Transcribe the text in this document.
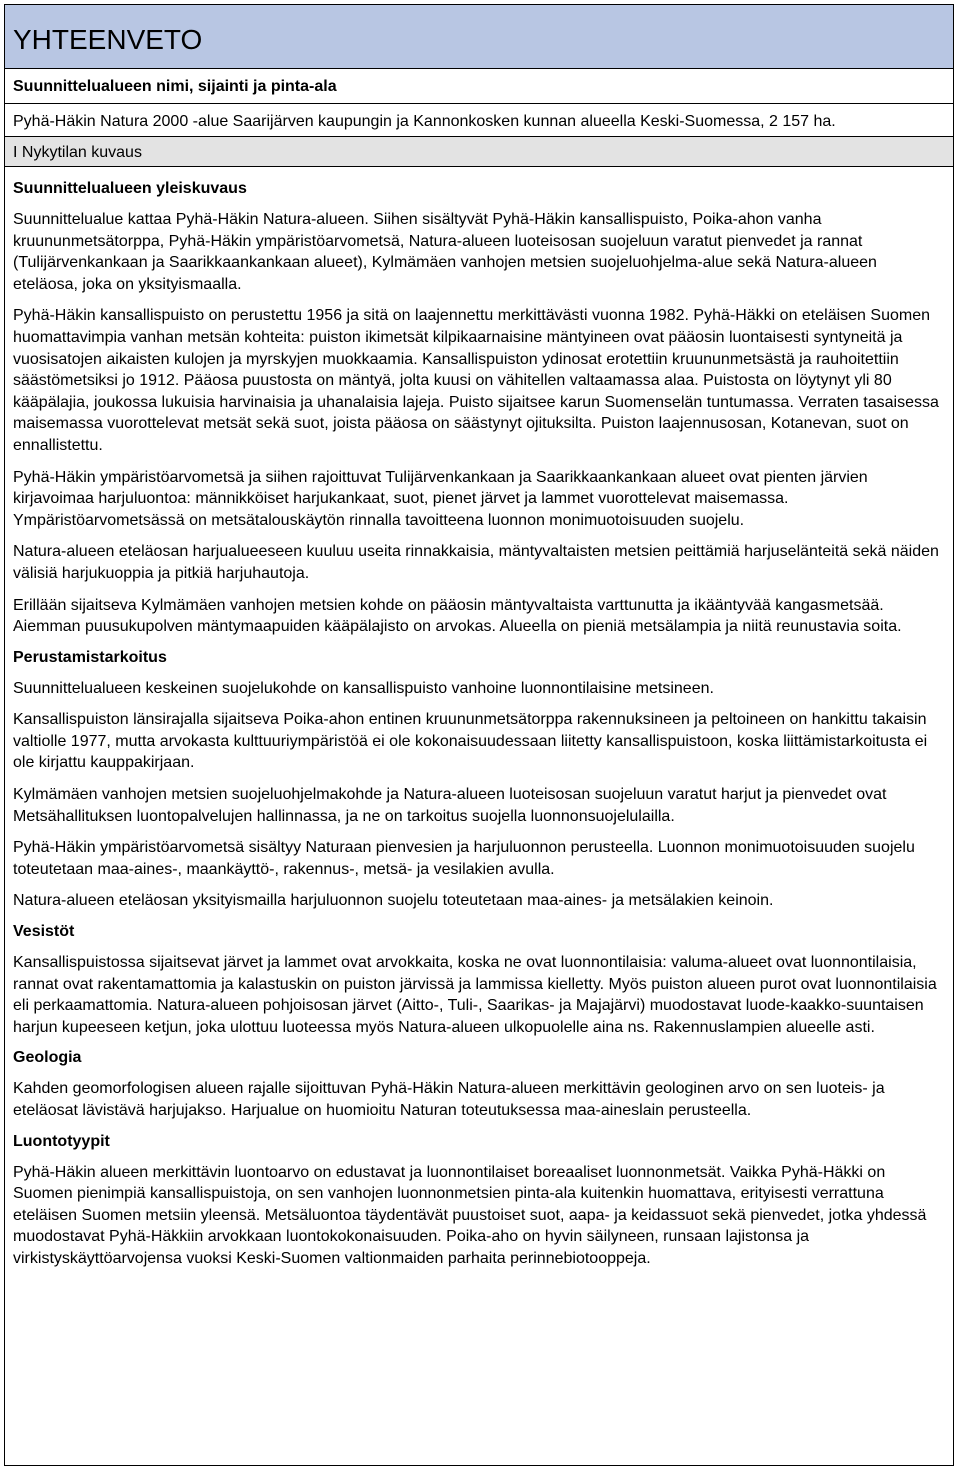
YHTEENVETO
Suunnittelualueen nimi, sijainti ja pinta-ala
Pyhä-Häkin Natura 2000 -alue Saarijärven kaupungin ja Kannonkosken kunnan alueella Keski-Suomessa, 2 157 ha.
I Nykytilan kuvaus
Suunnittelualueen yleiskuvaus

Suunnittelualue kattaa Pyhä-Häkin Natura-alueen. Siihen sisältyvät Pyhä-Häkin kansallispuisto, Poika-ahon vanha kruununmetsätorppa, Pyhä-Häkin ympäristöarvometsä, Natura-alueen luoteisosan suojeluun varatut pienvedet ja rannat (Tulijärvenkankaan ja Saarikkaankankaan alueet), Kylmämäen vanhojen metsien suojeluohjelma-alue sekä Natura-alueen eteläosa, joka on yksityismaalla.

Pyhä-Häkin kansallispuisto on perustettu 1956 ja sitä on laajennettu merkittävästi vuonna 1982. Pyhä-Häkki on eteläisen Suomen huomattavimpia vanhan metsän kohteita: puiston ikimetsät kilpikaarnaisine mäntyineen ovat pääosin luontaisesti syntyneitä ja vuosisatojen aikaisten kulojen ja myrskyjen muokkaamia. Kansallispuiston ydinosat erotettiin kruununmetsästä ja rauhoitettiin säästömetsiksi jo 1912. Pääosa puustosta on mäntyä, jolta kuusi on vähitellen valtaamassa alaa. Puistosta on löytynyt yli 80 kääpälajia, joukossa lukuisia harvinaisia ja uhanalaisia lajeja. Puisto sijaitsee karun Suomenselän tuntumassa. Verraten tasaisessa maisemassa vuorottelevat metsät sekä suot, joista pääosa on säästynyt ojituksilta. Puiston laajennusosan, Kotanevan, suot on ennallistettu.

Pyhä-Häkin ympäristöarvometsä ja siihen rajoittuvat Tulijärvenkankaan ja Saarikkaankankaan alueet ovat pienten järvien kirjavoimaa harjuluontoa: männikköiset harjukankaat, suot, pienet järvet ja lammet vuorottelevat maisemassa. Ympäristöarvometsässä on metsätalouskäytön rinnalla tavoitteena luonnon monimuotoisuuden suojelu.

Natura-alueen eteläosan harjualueeseen kuuluu useita rinnakkaisia, mäntyvaltaisten metsien peittämiä harjuselänteitä sekä näiden välisiä harjukuoppia ja pitkiä harjuhautoja.

Erillään sijaitseva Kylmämäen vanhojen metsien kohde on pääosin mäntyvaltaista varttunutta ja ikääntyvää kangasmetsää. Aiemman puusukupolven mäntymaapuiden kääpälajisto on arvokas. Alueella on pieniä metsälampia ja niitä reunustavia soita.

Perustamistarkoitus

Suunnittelualueen keskeinen suojelukohde on kansallispuisto vanhoine luonnontilaisine metsineen.

Kansallispuiston länsirajalla sijaitseva Poika-ahon entinen kruununmetsätorppa rakennuksineen ja peltoineen on hankittu takaisin valtiolle 1977, mutta arvokasta kulttuuriympäristöä ei ole kokonaisuudessaan liitetty kansallispuistoon, koska liittämistarkoitusta ei ole kirjattu kauppakirjaan.

Kylmämäen vanhojen metsien suojeluohjelmakohde ja Natura-alueen luoteisosan suojeluun varatut harjut ja pienvedet ovat Metsähallituksen luontopalvelujen hallinnassa, ja ne on tarkoitus suojella luonnonsuojelulailla.

Pyhä-Häkin ympäristöarvometsä sisältyy Naturaan pienvesien ja harjuluonnon perusteella. Luonnon monimuotoisuuden suojelu toteutetaan maa-aines-, maankäyttö-, rakennus-, metsä- ja vesilakien avulla.

Natura-alueen eteläosan yksityismailla harjuluonnon suojelu toteutetaan maa-aines- ja metsälakien keinoin.

Vesistöt

Kansallispuistossa sijaitsevat järvet ja lammet ovat arvokkaita, koska ne ovat luonnontilaisia: valuma-alueet ovat luonnontilaisia, rannat ovat rakentamattomia ja kalastuskin on puiston järvissä ja lammissa kielletty. Myös puiston alueen purot ovat luonnontilaisia eli perkaamattomia. Natura-alueen pohjoisosan järvet (Aitto-, Tuli-, Saarikas- ja Majajärvi) muodostavat luode-kaakko-suuntaisen harjun kupeeseen ketjun, joka ulottuu luoteessa myös Natura-alueen ulkopuolelle aina ns. Rakennuslampien alueelle asti.

Geologia

Kahden geomorfologisen alueen rajalle sijoittuvan Pyhä-Häkin Natura-alueen merkittävin geologinen arvo on sen luoteis- ja eteläosat lävistävä harjujakso. Harjualue on huomioitu Naturan toteutuksessa maa-aineslain perusteella.

Luontotyypit

Pyhä-Häkin alueen merkittävin luontoarvo on edustavat ja luonnontilaiset boreaaliset luonnonmetsät. Vaikka Pyhä-Häkki on Suomen pienimpiä kansallispuistoja, on sen vanhojen luonnonmetsien pinta-ala kuitenkin huomattava, erityisesti verrattuna eteläisen Suomen metsiin yleensä. Metsäluontoa täydentävät puustoiset suot, aapa- ja keidassuot sekä pienvedet, jotka yhdessä muodostavat Pyhä-Häkkiin arvokkaan luontokokonaisuuden. Poika-aho on hyvin säilyneen, runsaan lajistonsa ja virkistyskäyttöarvojensa vuoksi Keski-Suomen valtionmaiden parhaita perinnebiotooppeja.
